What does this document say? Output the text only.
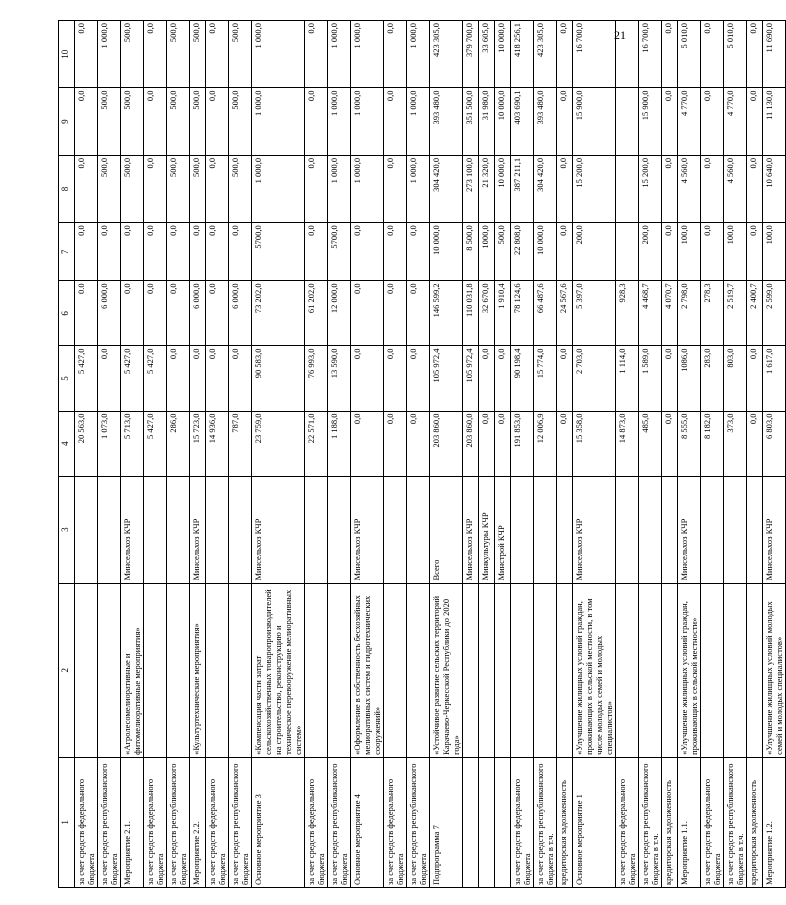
21
1	2	3	4	5	6	7	8	9	10
за счет средств федерального бюджета			20 563,0	5 427,0	0.0	0,0	0,0	0,0	0,0
за счет средств республиканского бюджета			1 073,0	0,0	6 000,0	0,0	500,0	500,0	1 000,0
Мероприятие 2.1.	«Агролесомелиоративные и фитомелиоративные мероприятия»	Минсельхоз КЧР	5 713,0	5 427,0	0,0	0,0	500,0	500,0	500,0
за счет средств федерального бюджета			5 427,0	5 427,0	0,0	0,0	0,0	0,0	0,0
за счет средств республиканского бюджета			286,0	0,0	0,0	0,0	500,0	500,0	500,0
Мероприятие 2.2.	«Культуртехнические мероприятия»	Минсельхоз КЧР	15 723,0	0,0	6 000,0	0,0	500,0	500,0	500,0
за счет средств федерального бюджета			14 936,0	0,0	0,0	0,0	0,0	0,0	0,0
за счет средств республиканского бюджета			787,0	0,0	6 000,0	0,0	500,0	500,0	500,0
Основное мероприятие 3	«Компенсация части затрат сельскохозяйственных товаропроизводителей на строительство, реконструкцию и техническое перевооружение мелиоративных систем»	Минсельхоз КЧР	23 759,0	90 583,0	73 202,0	5700,0	1 000,0	1 000,0	1 000,0
за счет средств федерального бюджета			22 571,0	76 993,0	61 202,0	0,0	0,0	0,0	0,0
за счет средств республиканского бюджета			1 188,0	13 590,0	12 000,0	5700,0	1 000,0	1 000,0	1 000,0
Основное мероприятие 4	«Оформление в собственность бесхозяйных мелиоративных систем и гидротехнических сооружений»	Минсельхоз КЧР	0,0	0,0	0,0	0,0	1 000,0	1 000,0	1 000,0
за счет средств федерального бюджета			0,0	0,0	0,0	0,0	0,0	0,0	0,0
за счет средств республиканского бюджета			0,0	0,0	0,0	0,0	1 000,0	1 000,0	1 000,0
Подпрограмма 7	«Устойчивое развитие сельских территорий Карачаево-Черкесской Республики до 2020 года»	Всего	203 860,0	105 972,4	146 599,2	10 000,0	304 420,0	393 480,0	423 305,0
		Минсельхоз КЧР	203 860,0	105 972,4	110 031,8	8 500,0	273 100,0	351 500,0	379 700,0
		Минкультуры КЧР	0,0	0,0	32 670,0	1000,0	21 320,0	31 980,0	33 605,0
		Минстрой КЧР	0,0	0,0	1 910,4	500,0	10 000,0	10 000,0	10 000,0
за счет средств федерального бюджета			191 853,0	90 198,4	78 124,6	22 808,0	387 211,1	403 690,1	418 256,1
за счет средств республиканского бюджета в т.ч.			12 006,9	15 774,0	66 487,6	10 000,0	304 420,0	393 480,0	423 305,0
кредиторская задолженность			0,0	0,0	24 567,6	0,0	0,0	0,0	0,0
Основное мероприятие 1	«Улучшение жилищных условий граждан, проживающих в сельской местности, в том числе молодых семей и молодых специалистов»	Минсельхоз КЧР	15 358,0	2 703,0	5 397,0	200,0	15 200,0	15 900,0	16 700,0
за счет средств федерального бюджета			14 873,0	1 114,0	928,3				
за счет средств республиканского бюджета в т.ч.			485,0	1 589,0	4 468,7	200,0	15 200,0	15 900,0	16 700,0
кредиторская задолженность			0,0	0,0	4 070,7	0,0	0,0	0,0	0,0
Мероприятие 1.1.	«Улучшение жилищных условий граждан, проживающих в сельской местности»	Минсельхоз КЧР	8 555,0	1086,0	2 798,0	100,0	4 560,0	4 770,0	5 010,0
за счет средств федерального бюджета			8 182,0	283,0	278,3	0,0	0,0	0,0	0,0
за счет средств республиканского бюджета в т.ч.			373,0	803,0	2 519,7	100,0	4 560,0	4 770,0	5 010,0
кредиторская задолженность			0,0	0,0	2 400,7	0,0	0,0	0,0	0,0
Мероприятие 1.2.	«Улучшение жилищных условий молодых семей и молодых специалистов»	Минсельхоз КЧР	6 803,0	1 617,0	2 599,0	100,0	10 640,0	11 130,0	11 690,0
